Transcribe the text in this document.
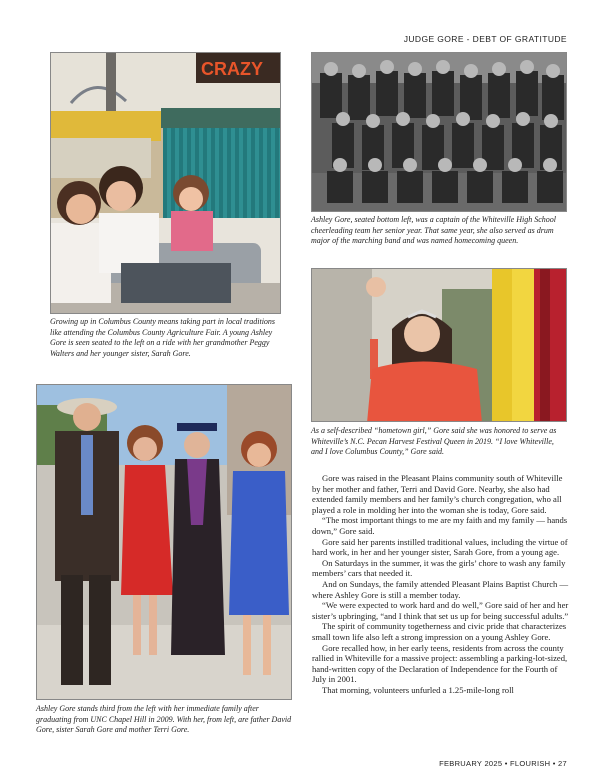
JUDGE GORE - DEBT OF GRATITUDE
CRAZY

Growing up in Columbus County means taking part in local traditions like attending the Columbus County Agriculture Fair. A young Ashley Gore is seen seated to the left on a ride with her grandmother Peggy Walters and her younger sister, Sarah Gore.

Ashley Gore, seated bottom left, was a captain of the Whiteville High School cheerleading team her senior year. That same year, she also served as drum major of the marching band and was named homecoming queen.

As a self-described “hometown girl,” Gore said she was honored to serve as Whiteville’s N.C. Pecan Harvest Festival Queen in 2019. “I love Whiteville, and I love Columbus County,” Gore said.

Ashley Gore stands third from the left with her immediate family after graduating from UNC Chapel Hill in 2009. With her, from left, are father David Gore, sister Sarah Gore and mother Terri Gore.

Gore was raised in the Pleasant Plains community south of Whiteville by her mother and father, Terri and David Gore. Nearby, she also had extended family members and her family’s church congregation, who all played a role in molding her into the woman she is today, Gore said.

“The most important things to me are my faith and my family — hands down,” Gore said.

Gore said her parents instilled traditional values, including the virtue of hard work, in her and her younger sister, Sarah Gore, from a young age.

On Saturdays in the summer, it was the girls’ chore to wash any family members’ cars that needed it.

And on Sundays, the family attended Pleasant Plains Baptist Church — where Ashley Gore is still a member today.

“We were expected to work hard and do well,” Gore said of her and her sister’s upbringing, “and I think that set us up for being successful adults.”

The spirit of community togetherness and civic pride that characterizes small town life also left a strong impression on a young Ashley Gore.

Gore recalled how, in her early teens, residents from across the county rallied in Whiteville for a massive project: assembling a parking-lot-sized, hand-written copy of the Declaration of Independence for the Fourth of July in 2001.

That morning, volunteers unfurled a 1.25-mile-long roll

FEBRUARY 2025 • FLOURISH • 27
